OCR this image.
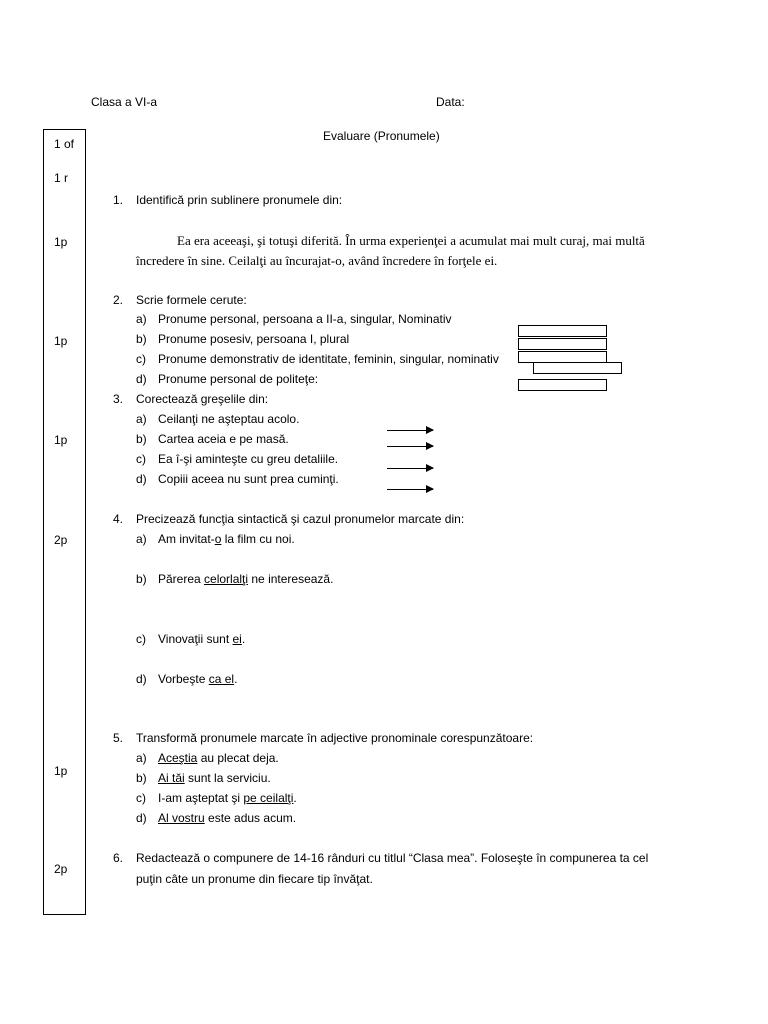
Clasa a VI-a	Data:
Evaluare (Pronumele)
1 of
1 r
1p
1p
1p
2p
1p
2p
1. Identifică prin sublinere pronumele din:
Ea era aceeaşi, şi totuşi diferită. În urma experienţei a acumulat mai mult curaj, mai multă
încredere în sine. Ceilalţi au încurajat-o, având încredere în forţele ei.
2. Scrie formele cerute:
a) Pronume personal, persoana a II-a, singular, Nominativ
b) Pronume posesiv, persoana I, plural
c) Pronume demonstrativ de identitate, feminin, singular, nominativ
d) Pronume personal de politeţe:
3. Corectează greşelile din:
a) Ceilanţi ne aşteptau acolo.
b) Cartea aceia e pe masă.
c) Ea î-şi aminteşte cu greu detaliile.
d) Copiii aceea nu sunt prea cuminţi.
4. Precizează funcţia sintactică şi cazul pronumelor marcate din:
a) Am invitat-o la film cu noi.
b) Părerea celorlalţi ne interesează.
c) Vinovaţii sunt ei.
d) Vorbeşte ca el.
5. Transformă pronumele marcate în adjective pronominale corespunzătoare:
a) Aceştia au plecat deja.
b) Ai tăi sunt la serviciu.
c) I-am aşteptat şi pe ceilalţi.
d) Al vostru este adus acum.
6. Redactează o compunere de 14-16 rânduri cu titlul “Clasa mea”. Foloseşte în compunerea ta cel
puţin câte un pronume din fiecare tip învăţat.
